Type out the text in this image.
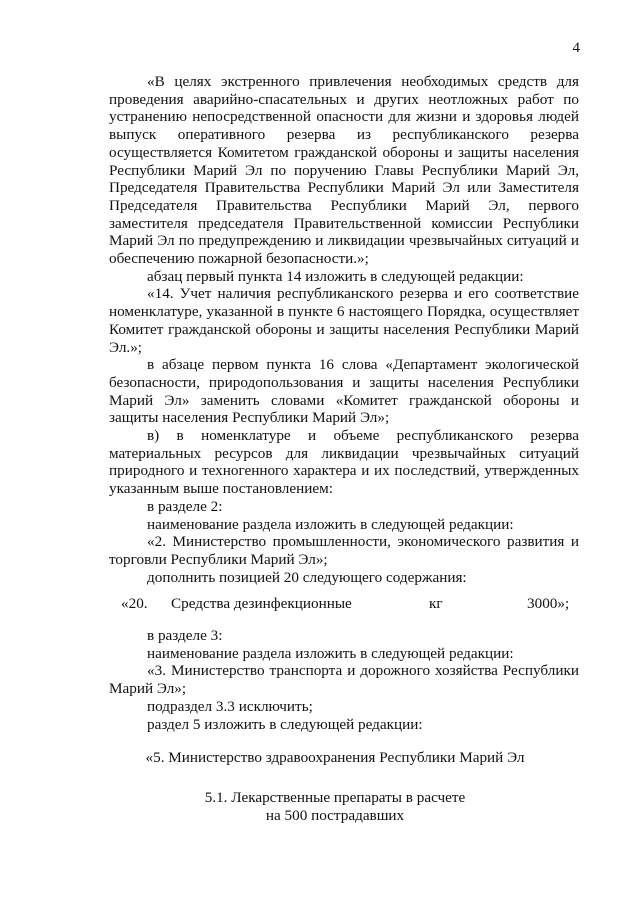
4

«В целях экстренного привлечения необходимых средств для проведения аварийно-спасательных и других неотложных работ по устранению непосредственной опасности для жизни и здоровья людей выпуск оперативного резерва из республиканского резерва осуществляется Комитетом гражданской обороны и защиты населения Республики Марий Эл по поручению Главы Республики Марий Эл, Председателя Правительства Республики Марий Эл или Заместителя Председателя Правительства Республики Марий Эл, первого заместителя председателя Правительственной комиссии Республики Марий Эл по предупреждению и ликвидации чрезвычайных ситуаций и обеспечению пожарной безопасности.»;

абзац первый пункта 14 изложить в следующей редакции:

«14. Учет наличия республиканского резерва и его соответствие номенклатуре, указанной в пункте 6 настоящего Порядка, осуществляет Комитет гражданской обороны и защиты населения Республики Марий Эл.»;

в абзаце первом пункта 16 слова «Департамент экологической безопасности, природопользования и защиты населения Республики Марий Эл» заменить словами «Комитет гражданской обороны и защиты населения Республики Марий Эл»;

в) в номенклатуре и объеме республиканского резерва материальных ресурсов для ликвидации чрезвычайных ситуаций природного и техногенного характера и их последствий, утвержденных указанным выше постановлением:

в разделе 2:

наименование раздела изложить в следующей редакции:

«2. Министерство промышленности, экономического развития и торговли Республики Марий Эл»;

дополнить позицией 20 следующего содержания:

«20. Средства дезинфекционные	кг	3000»;

в разделе 3:

наименование раздела изложить в следующей редакции:

«3. Министерство транспорта и дорожного хозяйства Республики Марий Эл»;

подраздел 3.3 исключить;

раздел 5 изложить в следующей редакции:

«5. Министерство здравоохранения Республики Марий Эл
5.1. Лекарственные препараты в расчете
на 500 пострадавших
